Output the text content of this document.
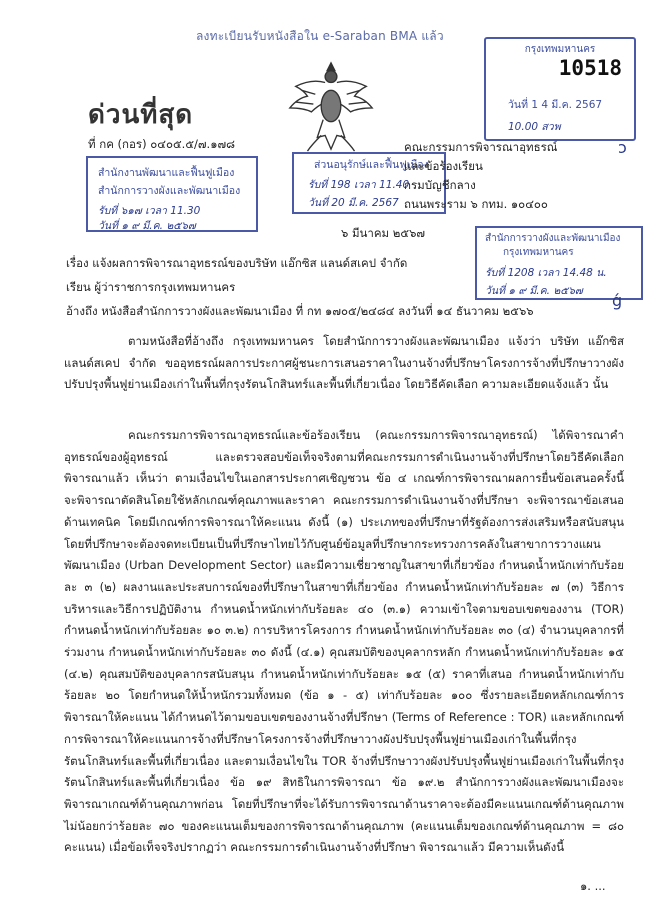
ลงทะเบียนรับหนังสือใน e-Saraban BMA แล้ว
ด่วนที่สุด
ที่ กค (กอร) ๐๔๐๕.๕/๗.๑๗๘
กรุงเทพมหานคร
10518
วันที่ 1 4 มี.ค. 2567
10.00 สวพ
สำนักงานพัฒนาและฟื้นฟูเมือง
สำนักการวางผังและพัฒนาเมือง
รับที่ ๖๑๗ เวลา 11.30
วันที่ ๑ ๙ มี.ค. ๒๕๖๗
ส่วนอนุรักษ์และฟื้นฟูเมือง
รับที่ 198 เวลา 11.40
วันที่ 20 มี.ค. 2567
คณะกรรมการพิจารณาอุทธรณ์
และข้อร้องเรียน
กรมบัญชีกลาง
ถนนพระราม ๖ กทม. ๑๐๔๐๐
ↄ
สำนักการวางผังและพัฒนาเมือง
กรุงเทพมหานคร
รับที่ 1208 เวลา 14.48 น.
วันที่ ๑ ๙ มี.ค. ๒๕๖๗ ǵ
๖ มีนาคม ๒๕๖๗
เรื่อง แจ้งผลการพิจารณาอุทธรณ์ของบริษัท แอ๊กซิส แลนด์สเคป จำกัด
เรียน ผู้ว่าราชการกรุงเทพมหานคร
อ้างถึง หนังสือสำนักการวางผังและพัฒนาเมือง ที่ กท ๑๗๐๕/๒๔๘๔ ลงวันที่ ๑๔ ธันวาคม ๒๕๖๖

ตามหนังสือที่อ้างถึง กรุงเทพมหานคร โดยสำนักการวางผังและพัฒนาเมือง แจ้งว่า บริษัท แอ๊กซิส แลนด์สเคป จำกัด ขออุทธรณ์ผลการประกาศผู้ชนะการเสนอราคาในงานจ้างที่ปรึกษาโครงการจ้างที่ปรึกษาวางผังปรับปรุงพื้นฟูย่านเมืองเก่าในพื้นที่กรุงรัตนโกสินทร์และพื้นที่เกี่ยวเนื่อง โดยวิธีคัดเลือก ความละเอียดแจ้งแล้ว นั้น

คณะกรรมการพิจารณาอุทธรณ์และข้อร้องเรียน (คณะกรรมการพิจารณาอุทธรณ์) ได้พิจารณาคำอุทธรณ์ของผู้อุทธรณ์ และตรวจสอบข้อเท็จจริงตามที่คณะกรรมการดำเนินงานจ้างที่ปรึกษาโดยวิธีคัดเลือกพิจารณาแล้ว เห็นว่า ตามเงื่อนไขในเอกสารประกาศเชิญชวน ข้อ ๔ เกณฑ์การพิจารณาผลการยื่นข้อเสนอครั้งนี้ จะพิจารณาตัดสินโดยใช้หลักเกณฑ์คุณภาพและราคา คณะกรรมการดำเนินงานจ้างที่ปรึกษา จะพิจารณาข้อเสนอด้านเทคนิค โดยมีเกณฑ์การพิจารณาให้คะแนน ดังนี้ (๑) ประเภทของที่ปรึกษาที่รัฐต้องการส่งเสริมหรือสนับสนุนโดยที่ปรึกษาจะต้องจดทะเบียนเป็นที่ปรึกษาไทยไว้กับศูนย์ข้อมูลที่ปรึกษากระทรวงการคลังในสาขาการวางแผนพัฒนาเมือง (Urban Development Sector) และมีความเชี่ยวชาญในสาขาที่เกี่ยวข้อง กำหนดน้ำหนักเท่ากับร้อยละ ๓ (๒) ผลงานและประสบการณ์ของที่ปรึกษาในสาขาที่เกี่ยวข้อง กำหนดน้ำหนักเท่ากับร้อยละ ๗ (๓) วิธีการบริหารและวิธีการปฏิบัติงาน กำหนดน้ำหนักเท่ากับร้อยละ ๔๐ (๓.๑) ความเข้าใจตามขอบเขตของงาน (TOR) กำหนดน้ำหนักเท่ากับร้อยละ ๑๐ ๓.๒) การบริหารโครงการ กำหนดน้ำหนักเท่ากับร้อยละ ๓๐ (๔) จำนวนบุคลากรที่ร่วมงาน กำหนดน้ำหนักเท่ากับร้อยละ ๓๐ ดังนี้ (๔.๑) คุณสมบัติของบุคลากรหลัก กำหนดน้ำหนักเท่ากับร้อยละ ๑๕ (๔.๒) คุณสมบัติของบุคลากรสนับสนุน กำหนดน้ำหนักเท่ากับร้อยละ ๑๕ (๕) ราคาที่เสนอ กำหนดน้ำหนักเท่ากับร้อยละ ๒๐ โดยกำหนดให้น้ำหนักรวมทั้งหมด (ข้อ ๑ - ๕) เท่ากับร้อยละ ๑๐๐ ซึ่งรายละเอียดหลักเกณฑ์การพิจารณาให้คะแนน ได้กำหนดไว้ตามขอบเขตของงานจ้างที่ปรึกษา (Terms of Reference : TOR) และหลักเกณฑ์การพิจารณาให้คะแนนการจ้างที่ปรึกษาโครงการจ้างที่ปรึกษาวางผังปรับปรุงพื้นฟูย่านเมืองเก่าในพื้นที่กรุงรัตนโกสินทร์และพื้นที่เกี่ยวเนื่อง และตามเงื่อนไขใน TOR จ้างที่ปรึกษาวางผังปรับปรุงพื้นฟูย่านเมืองเก่าในพื้นที่กรุงรัตนโกสินทร์และพื้นที่เกี่ยวเนื่อง ข้อ ๑๙ สิทธิในการพิจารณา ข้อ ๑๙.๒ สำนักการวางผังและพัฒนาเมืองจะพิจารณาเกณฑ์ด้านคุณภาพก่อน โดยที่ปรึกษาที่จะได้รับการพิจารณาด้านราคาจะต้องมีคะแนนเกณฑ์ด้านคุณภาพไม่น้อยกว่าร้อยละ ๗๐ ของคะแนนเต็มของการพิจารณาด้านคุณภาพ (คะแนนเต็มของเกณฑ์ด้านคุณภาพ = ๘๐ คะแนน) เมื่อข้อเท็จจริงปรากฏว่า คณะกรรมการดำเนินงานจ้างที่ปรึกษา พิจารณาแล้ว มีความเห็นดังนี้

๑. ...
